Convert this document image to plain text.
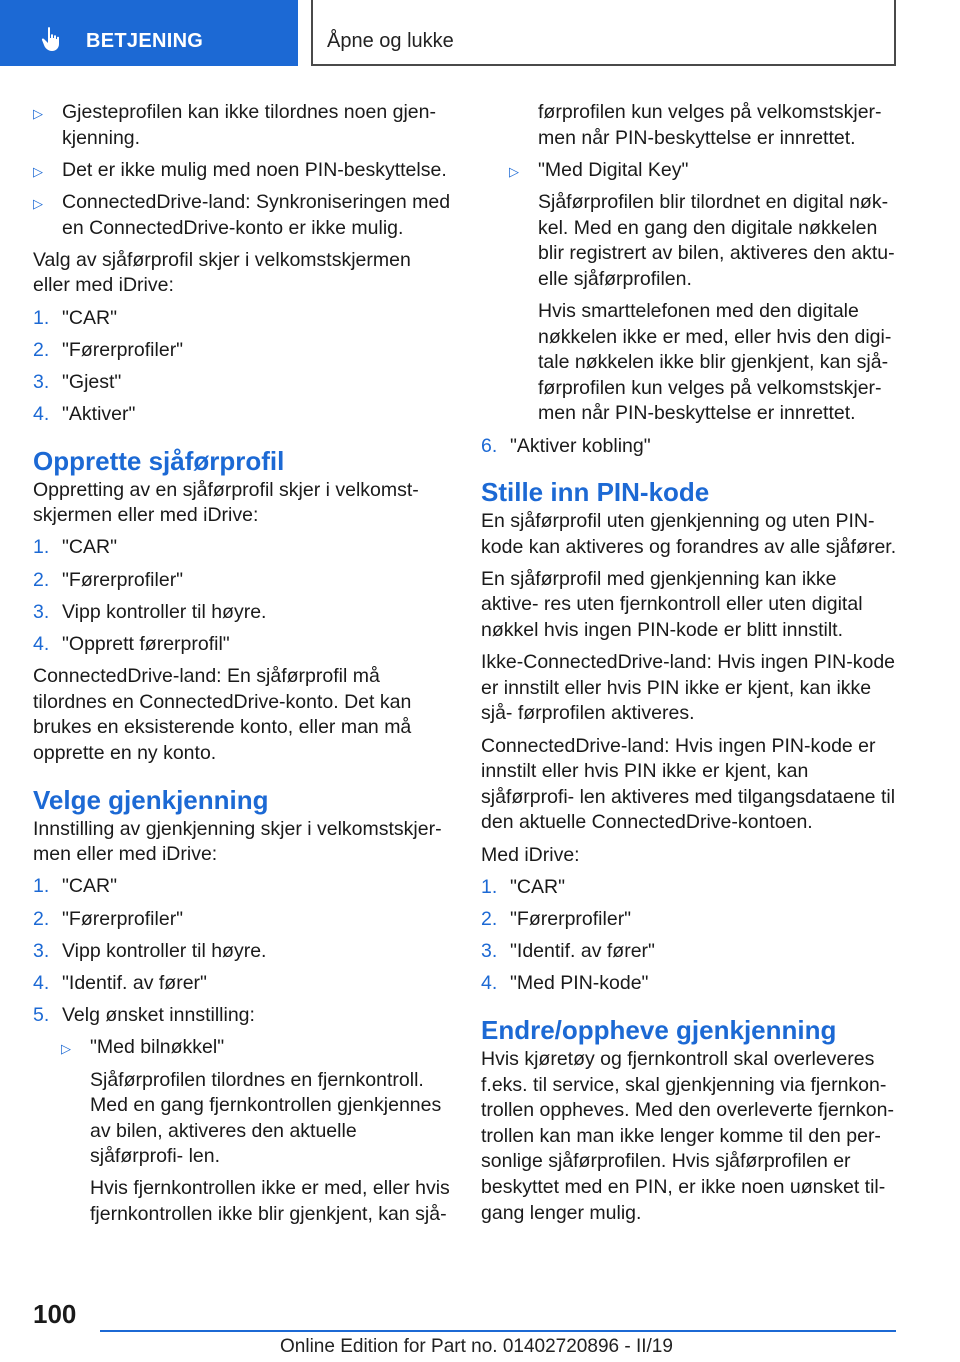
BETJENING	Åpne og lukke
▷ Gjesteprofilen kan ikke tilordnes noen gjen- kjenning.
▷ Det er ikke mulig med noen PIN-beskyttelse.
▷ ConnectedDrive-land: Synkroniseringen med en ConnectedDrive-konto er ikke mulig.

Valg av sjåførprofil skjer i velkomstskjermen eller med iDrive:

1. "CAR"
2. "Førerprofiler"
3. "Gjest"
4. "Aktiver"
Opprette sjåførprofil

Oppretting av en sjåførprofil skjer i velkomst- skjermen eller med iDrive:

1. "CAR"
2. "Førerprofiler"
3. Vipp kontroller til høyre.
4. "Opprett førerprofil"

ConnectedDrive-land: En sjåførprofil må tilordnes en ConnectedDrive-konto. Det kan brukes en eksisterende konto, eller man må opprette en ny konto.

Velge gjenkjenning

Innstilling av gjenkjenning skjer i velkomstskjer- men eller med iDrive:

1. "CAR"
2. "Førerprofiler"
3. Vipp kontroller til høyre.
4. "Identif. av fører"
5. Velg ønsket innstilling:
▷ "Med bilnøkkel"

Sjåførprofilen tilordnes en fjernkontroll. Med en gang fjernkontrollen gjenkjennes av bilen, aktiveres den aktuelle sjåførprofi- len.

Hvis fjernkontrollen ikke er med, eller hvis fjernkontrollen ikke blir gjenkjent, kan sjå-

førprofilen kun velges på velkomstskjer- men når PIN-beskyttelse er innrettet.

▷ "Med Digital Key"

Sjåførprofilen blir tilordnet en digital nøk- kel. Med en gang den digitale nøkkelen blir registrert av bilen, aktiveres den aktu- elle sjåførprofilen.

Hvis smarttelefonen med den digitale nøkkelen ikke er med, eller hvis den digi- tale nøkkelen ikke blir gjenkjent, kan sjå- førprofilen kun velges på velkomstskjer- men når PIN-beskyttelse er innrettet.

6. "Aktiver kobling"
Stille inn PIN-kode

En sjåførprofil uten gjenkjenning og uten PIN- kode kan aktiveres og forandres av alle sjåfører.

En sjåførprofil med gjenkjenning kan ikke aktive- res uten fjernkontroll eller uten digital nøkkel hvis ingen PIN-kode er blitt innstilt.

Ikke-ConnectedDrive-land: Hvis ingen PIN-kode er innstilt eller hvis PIN ikke er kjent, kan ikke sjå- førprofilen aktiveres.

ConnectedDrive-land: Hvis ingen PIN-kode er innstilt eller hvis PIN ikke er kjent, kan sjåførprofi- len aktiveres med tilgangsdataene til den aktuelle ConnectedDrive-kontoen.

Med iDrive:

1. "CAR"
2. "Førerprofiler"
3. "Identif. av fører"
4. "Med PIN-kode"
Endre/oppheve gjenkjenning

Hvis kjøretøy og fjernkontroll skal overleveres f.eks. til service, skal gjenkjenning via fjernkon- trollen oppheves. Med den overleverte fjernkon- trollen kan man ikke lenger komme til den per- sonlige sjåførprofilen. Hvis sjåførprofilen er beskyttet med en PIN, er ikke noen uønsket til- gang lenger mulig.

100
Online Edition for Part no. 01402720896 - II/19
